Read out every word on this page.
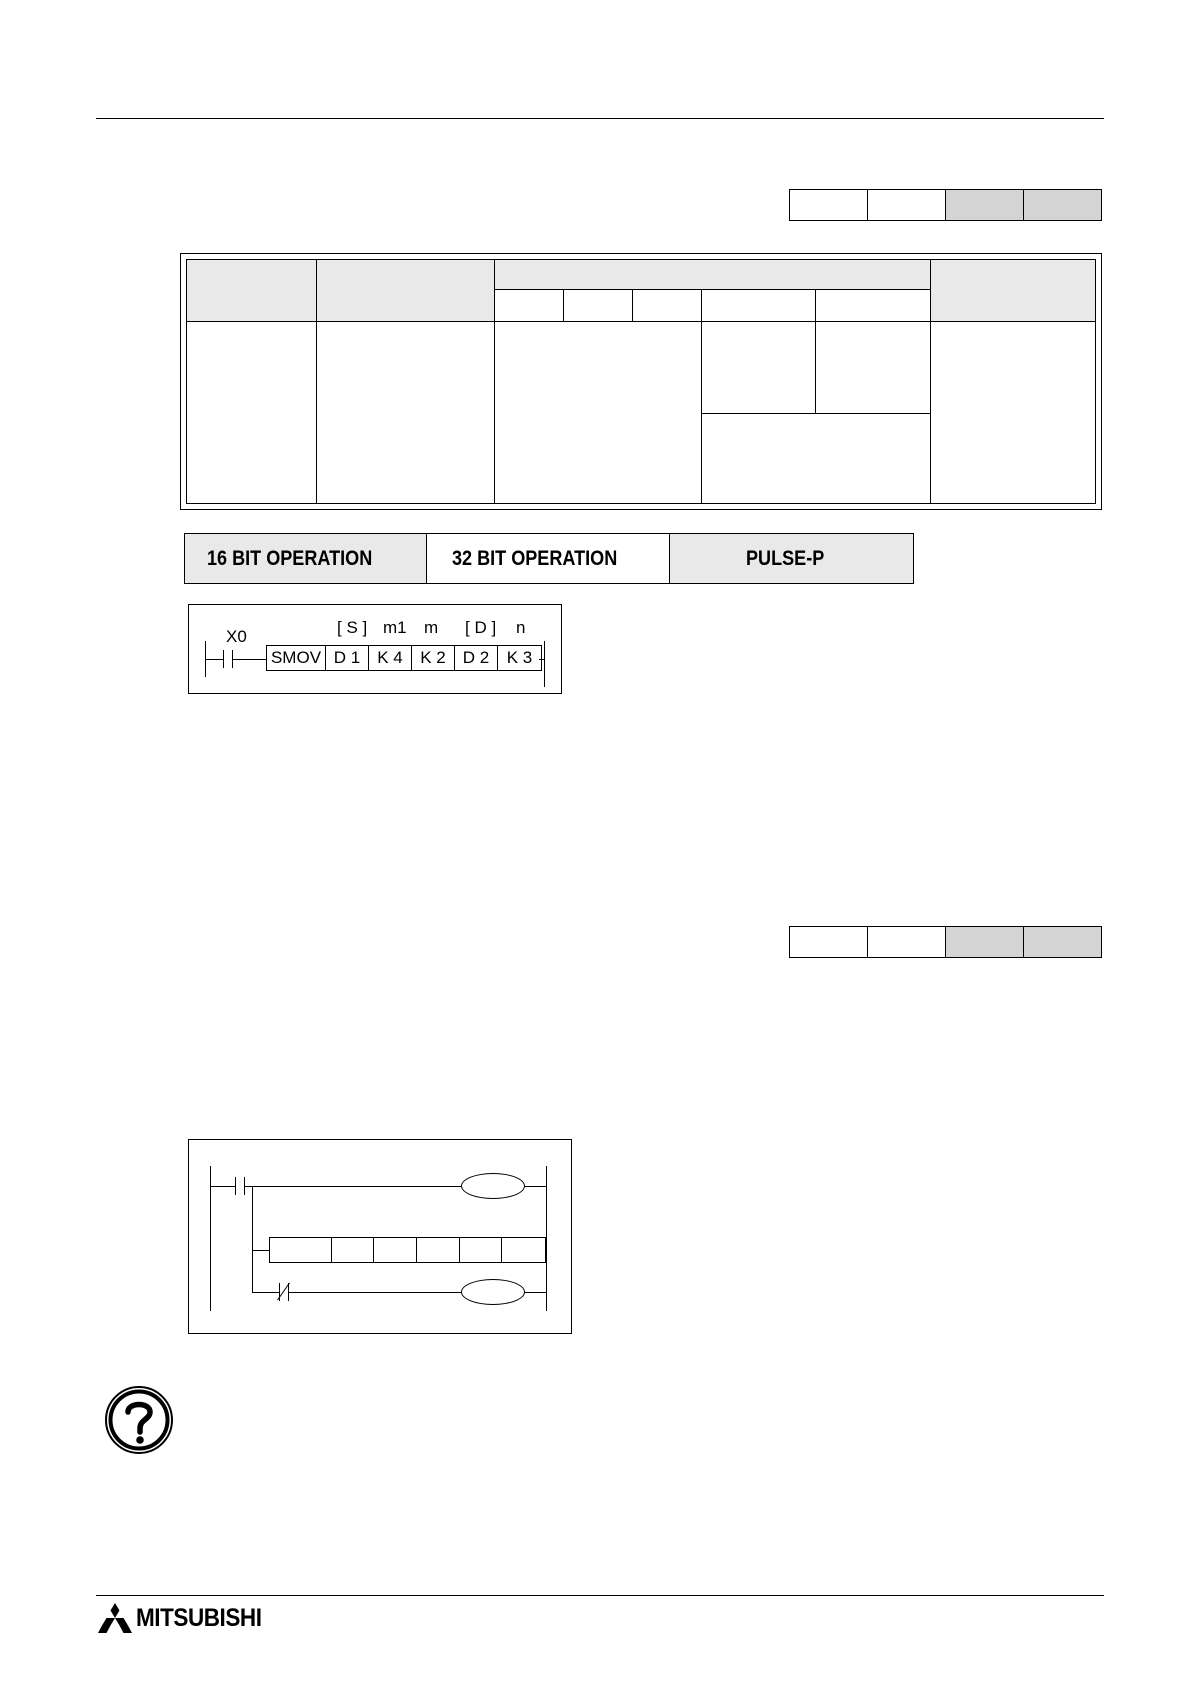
16 BIT OPERATION	32 BIT OPERATION	PULSE-P
X0	[ S ] m1 m [ D ] n
SMOV D 1	K 4	K 2	D 2	K 3
MITSUBISHI
